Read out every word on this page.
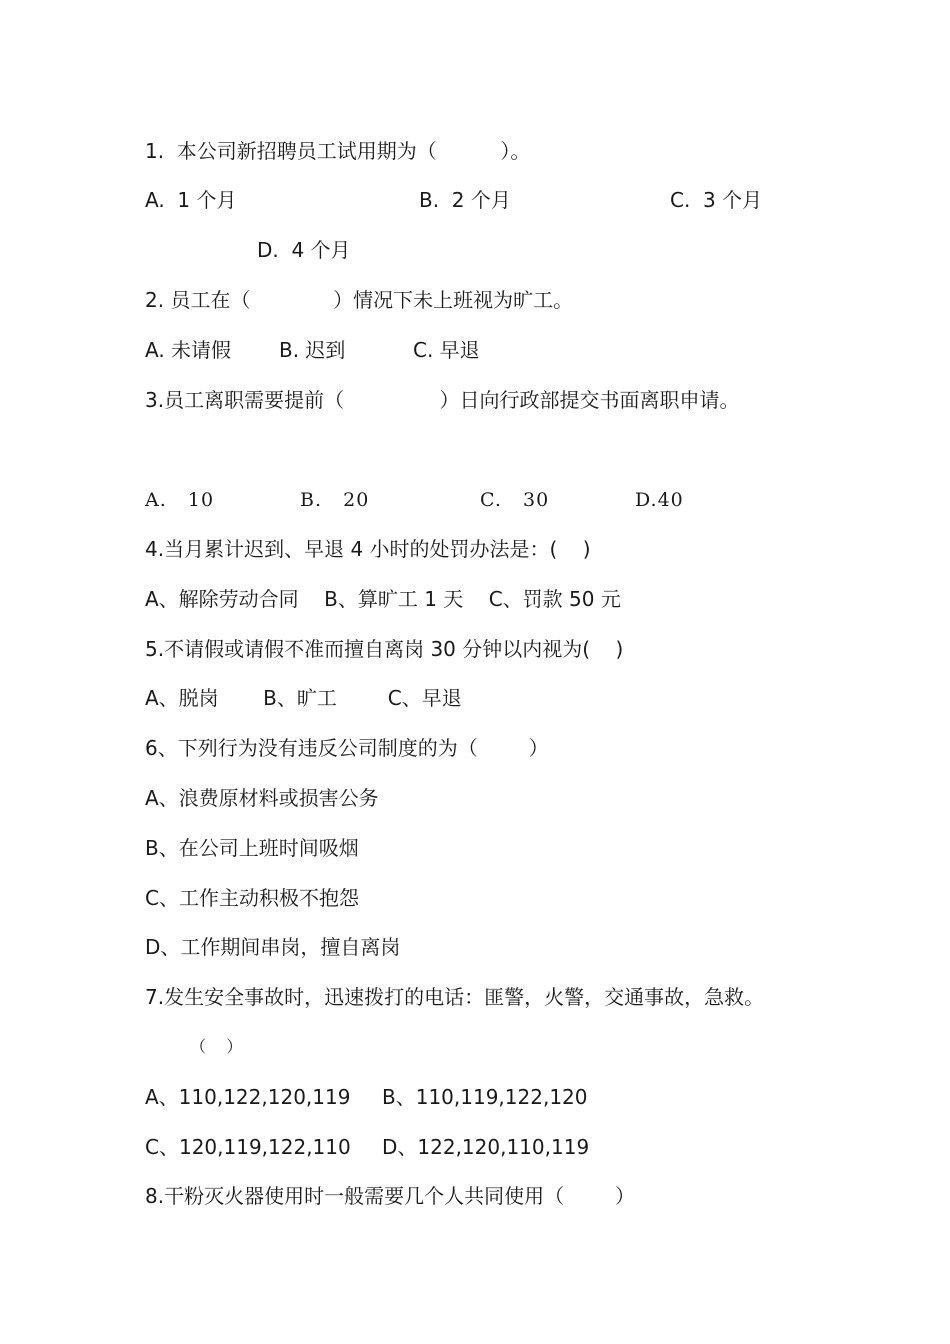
1.  本公司新招聘员工试用期为（          ）。
A.  1 个月	B.  2 个月	C.  3 个月
D.  4 个月
2. 员工在（             ）情况下未上班视为旷工。
A. 未请假 B. 迟到	C. 早退
3.员工离职需要提前（               ）日向行政部提交书面离职申请。
A.   10	B.   20	C.   30	D.40
4.当月累计迟到、早退 4 小时的处罚办法是：(    )
A、解除劳动合同    B、算旷工 1 天    C、罚款 50 元
5.不请假或请假不准而擅自离岗 30 分钟以内视为(    )
A、脱岗       B、旷工        C、早退
6、下列行为没有违反公司制度的为（        ）
A、浪费原材料或损害公务
B、在公司上班时间吸烟
C、工作主动积极不抱怨
D、工作期间串岗，擅自离岗
7.发生安全事故时，迅速拨打的电话：匪警，火警，交通事故，急救。
（    ）
A、110,122,120,119 B、110,119,122,120
C、120,119,122,110 D、122,120,110,119
8.干粉灭火器使用时一般需要几个人共同使用（        ）
